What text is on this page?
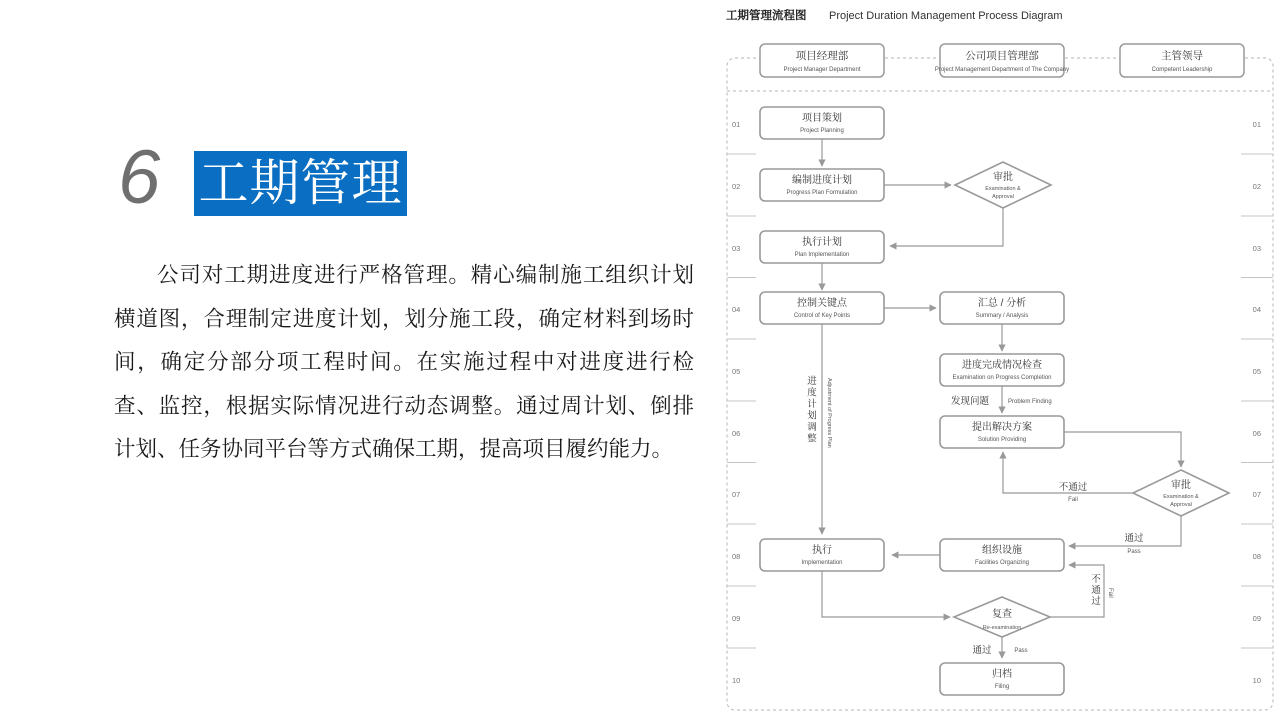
6 工期管理

公司对工期进度进行严格管理。精心编制施工组织计划横道图，合理制定进度计划，划分施工段，确定材料到场时间，确定分部分项工程时间。在实施过程中对进度进行检查、监控，根据实际情况进行动态调整。通过周计划、倒排计划、任务协同平台等方式确保工期，提高项目履约能力。

工期管理流程图 Project Duration Management Process Diagram
项目经理部
Project Manager Department
公司项目管理部
Project Management Department of The Company
主管领导
Competent Leadership
01	01
02	02
03	03
04	04
05	05
06	06
07	07
08	08
09	09
10	10
项目策划
Project Planning
编制进度计划
Progress Plan Formulation
审批
Examination &
Approval
执行计划
Plan Implementation
控制关键点
Control of Key Points
汇总 / 分析
Summary / Analysis
进度完成情况检查
Examination on Progress Completion
提出解决方案
Solution Providing
审批
Examination &
Approval
执行
Implementation
组织设施
Facilities Organizing
复查
Re-examination
归档
Filing
发现问题	Problem Finding
进
度
计
划
调
整 Adjustment of Progress Plan
不通过
Fail
通过
Pass
不
通
过
Fail
通过	Pass
